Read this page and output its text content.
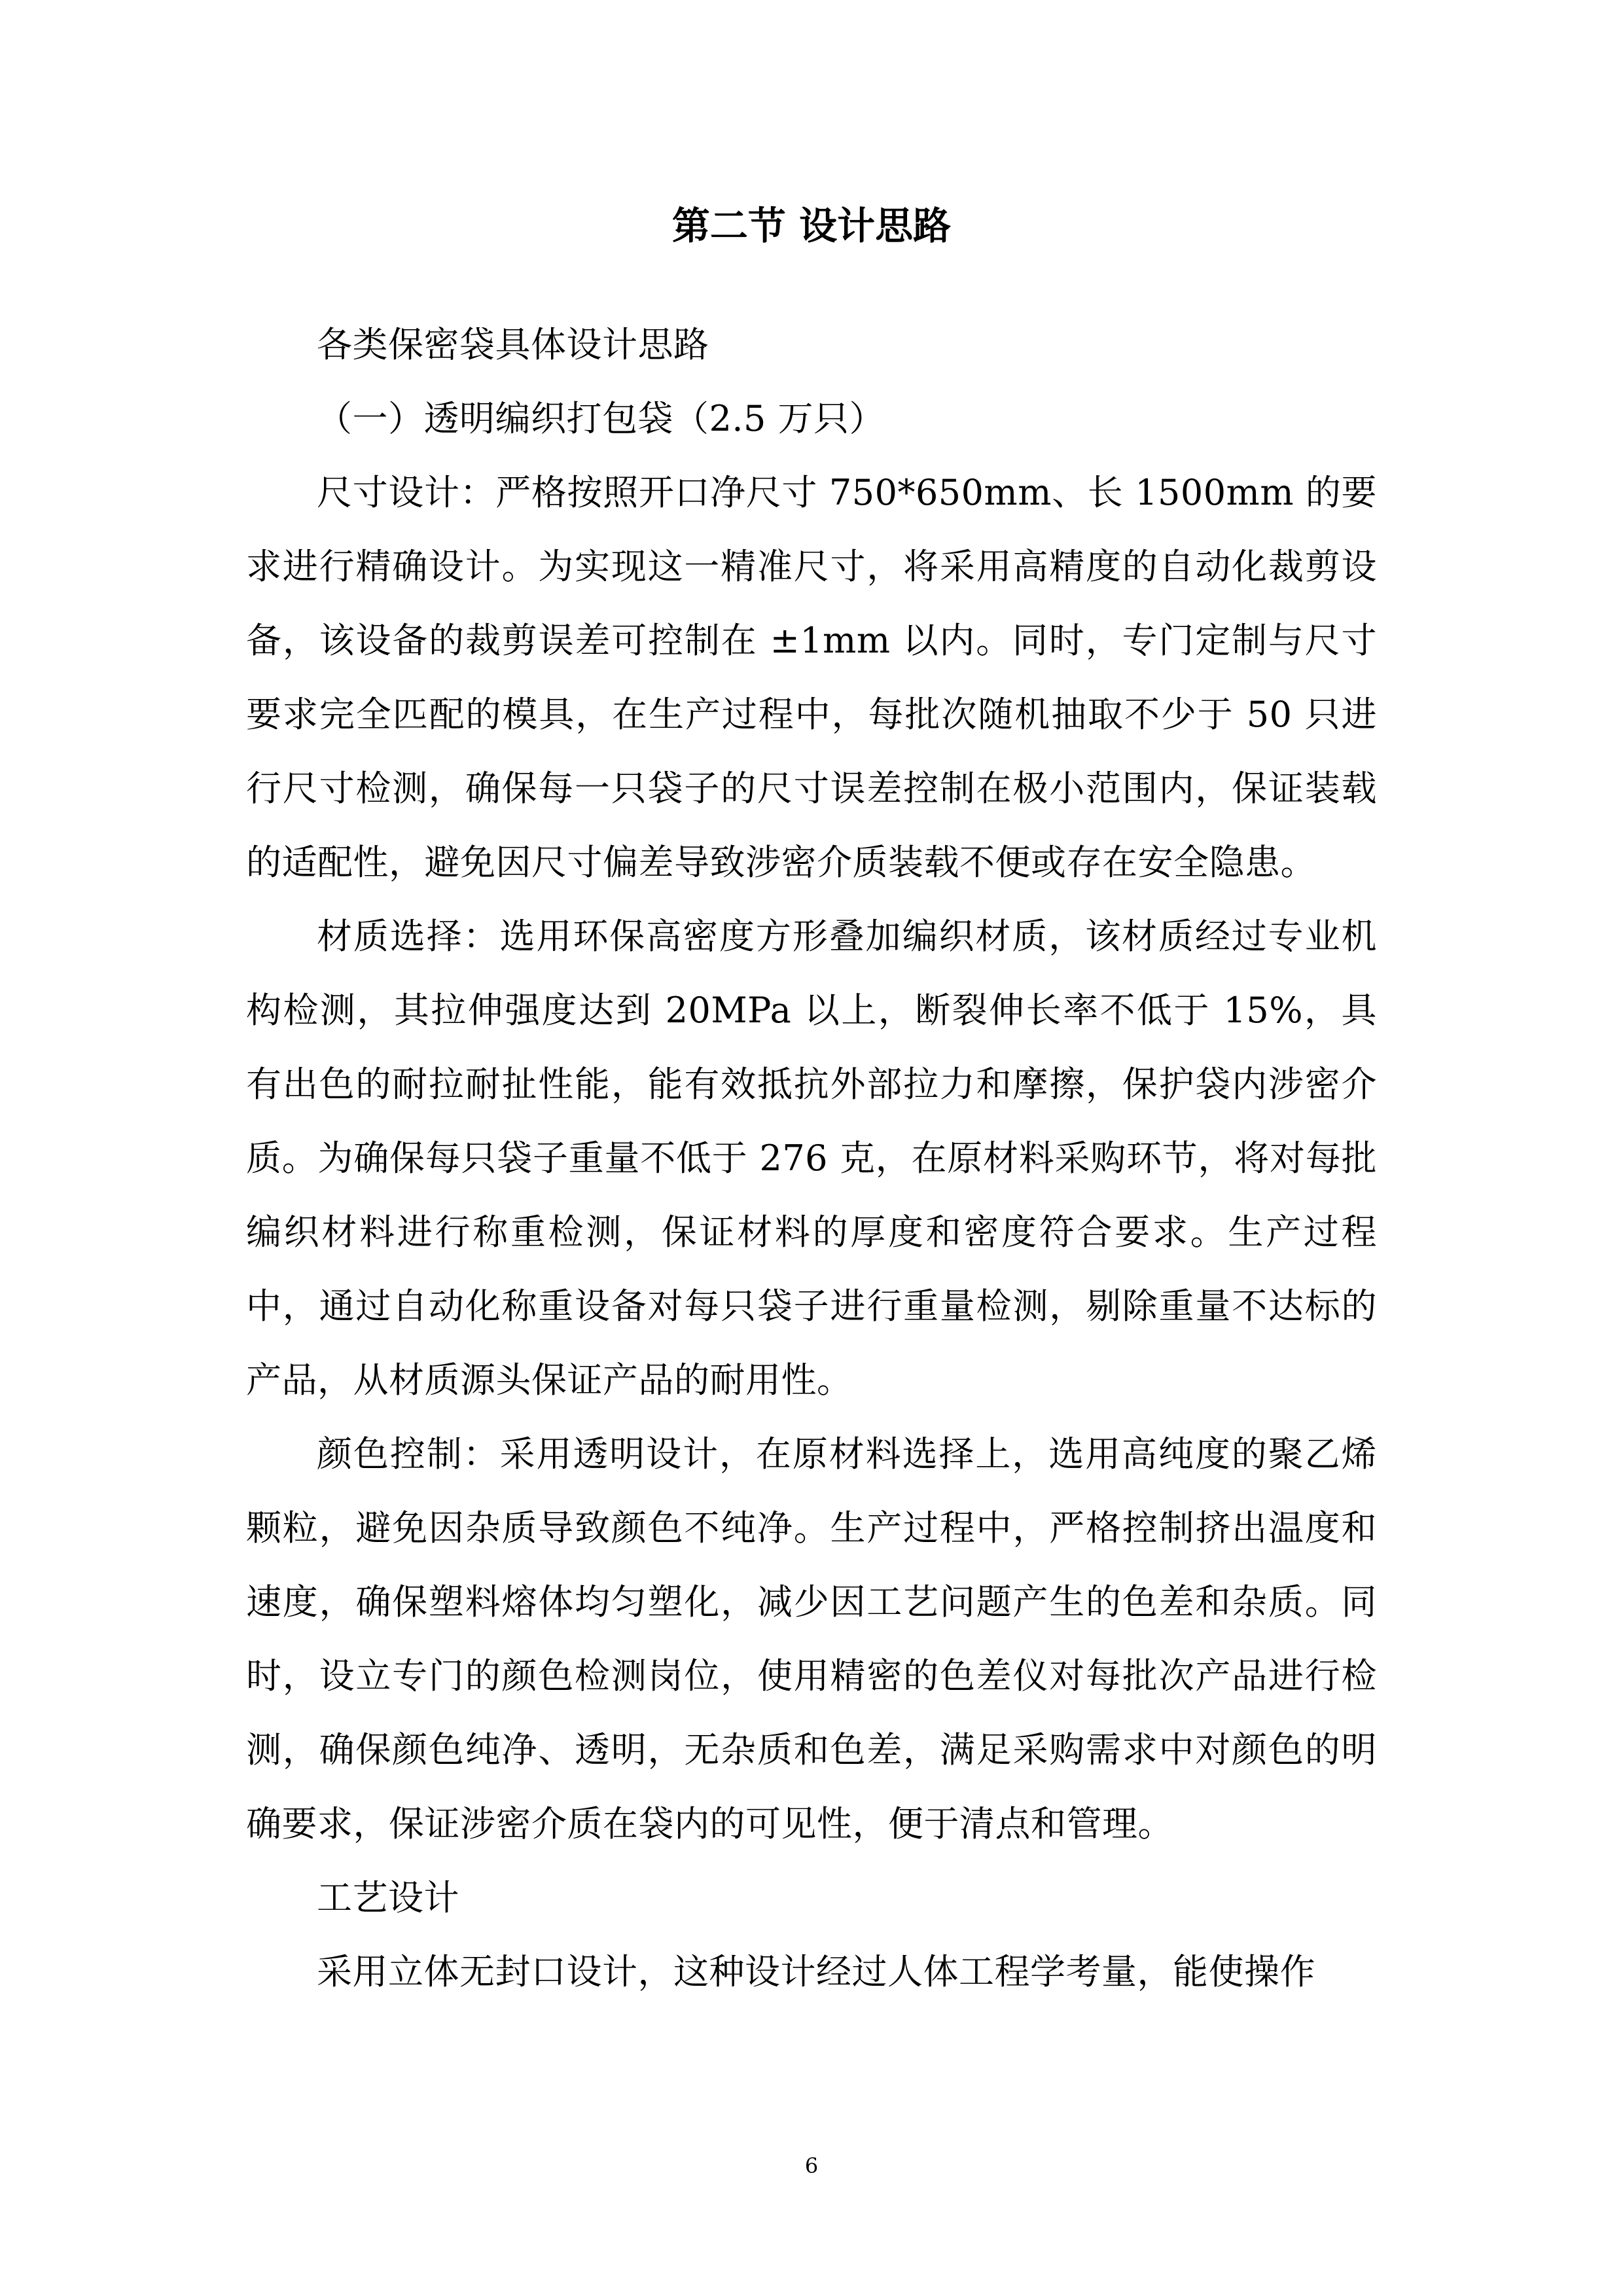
第二节 设计思路

各类保密袋具体设计思路

（一）透明编织打包袋（2.5 万只）

尺寸设计：严格按照开口净尺寸 750*650mm、长 1500mm 的要求进行精确设计。为实现这一精准尺寸，将采用高精度的自动化裁剪设备，该设备的裁剪误差可控制在 ±1mm 以内。同时，专门定制与尺寸要求完全匹配的模具，在生产过程中，每批次随机抽取不少于 50 只进行尺寸检测，确保每一只袋子的尺寸误差控制在极小范围内，保证装载的适配性，避免因尺寸偏差导致涉密介质装载不便或存在安全隐患。

材质选择：选用环保高密度方形叠加编织材质，该材质经过专业机构检测，其拉伸强度达到 20MPa 以上，断裂伸长率不低于 15%，具有出色的耐拉耐扯性能，能有效抵抗外部拉力和摩擦，保护袋内涉密介质。为确保每只袋子重量不低于 276 克，在原材料采购环节，将对每批编织材料进行称重检测，保证材料的厚度和密度符合要求。生产过程中，通过自动化称重设备对每只袋子进行重量检测，剔除重量不达标的产品，从材质源头保证产品的耐用性。

颜色控制：采用透明设计，在原材料选择上，选用高纯度的聚乙烯颗粒，避免因杂质导致颜色不纯净。生产过程中，严格控制挤出温度和速度，确保塑料熔体均匀塑化，减少因工艺问题产生的色差和杂质。同时，设立专门的颜色检测岗位，使用精密的色差仪对每批次产品进行检测，确保颜色纯净、透明，无杂质和色差，满足采购需求中对颜色的明确要求，保证涉密介质在袋内的可见性，便于清点和管理。

工艺设计

采用立体无封口设计，这种设计经过人体工程学考量，能使操作

6
